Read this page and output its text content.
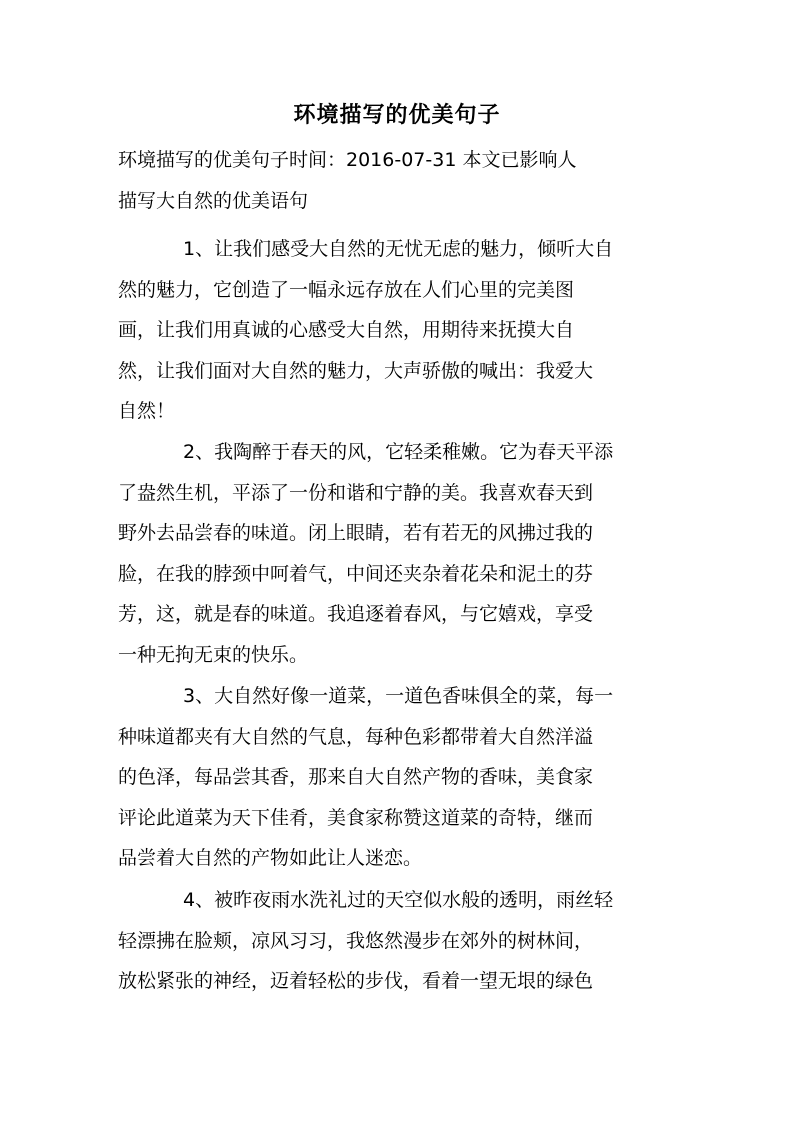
环境描写的优美句子
环境描写的优美句子时间：2016-07-31 本文已影响人
描写大自然的优美语句
1、让我们感受大自然的无忧无虑的魅力，倾听大自
然的魅力，它创造了一幅永远存放在人们心里的完美图
画，让我们用真诚的心感受大自然，用期待来抚摸大自
然，让我们面对大自然的魅力，大声骄傲的喊出：我爱大
自然！
2、我陶醉于春天的风，它轻柔稚嫩。它为春天平添
了盎然生机，平添了一份和谐和宁静的美。我喜欢春天到
野外去品尝春的味道。闭上眼睛，若有若无的风拂过我的
脸，在我的脖颈中呵着气，中间还夹杂着花朵和泥土的芬
芳，这，就是春的味道。我追逐着春风，与它嬉戏，享受
一种无拘无束的快乐。
3、大自然好像一道菜，一道色香味俱全的菜，每一
种味道都夹有大自然的气息，每种色彩都带着大自然洋溢
的色泽，每品尝其香，那来自大自然产物的香味，美食家
评论此道菜为天下佳肴，美食家称赞这道菜的奇特，继而
品尝着大自然的产物如此让人迷恋。
4、被昨夜雨水洗礼过的天空似水般的透明，雨丝轻
轻漂拂在脸颊，凉风习习，我悠然漫步在郊外的树林间，
放松紧张的神经，迈着轻松的步伐，看着一望无垠的绿色
